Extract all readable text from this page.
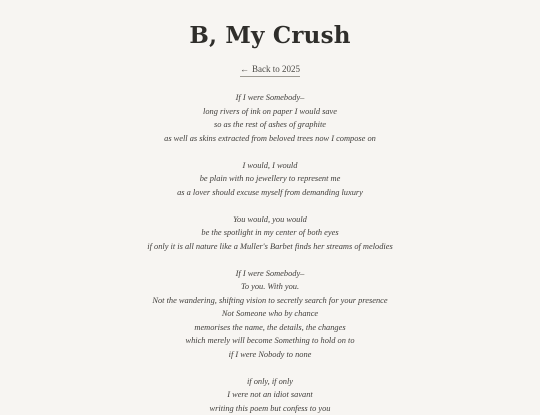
B, My Crush
← Back to 2025
If I were Somebody–
long rivers of ink on paper I would save
so as the rest of ashes of graphite
as well as skins extracted from beloved trees now I compose on
I would, I would
be plain with no jewellery to represent me
as a lover should excuse myself from demanding luxury
You would, you would
be the spotlight in my center of both eyes
if only it is all nature like a Muller's Barbet finds her streams of melodies
If I were Somebody–
To you. With you.
Not the wandering, shifting vision to secretly search for your presence
Not Someone who by chance
memorises the name, the details, the changes
which merely will become Something to hold on to
if I were Nobody to none
if only, if only
I were not an idiot savant
writing this poem but confess to you
